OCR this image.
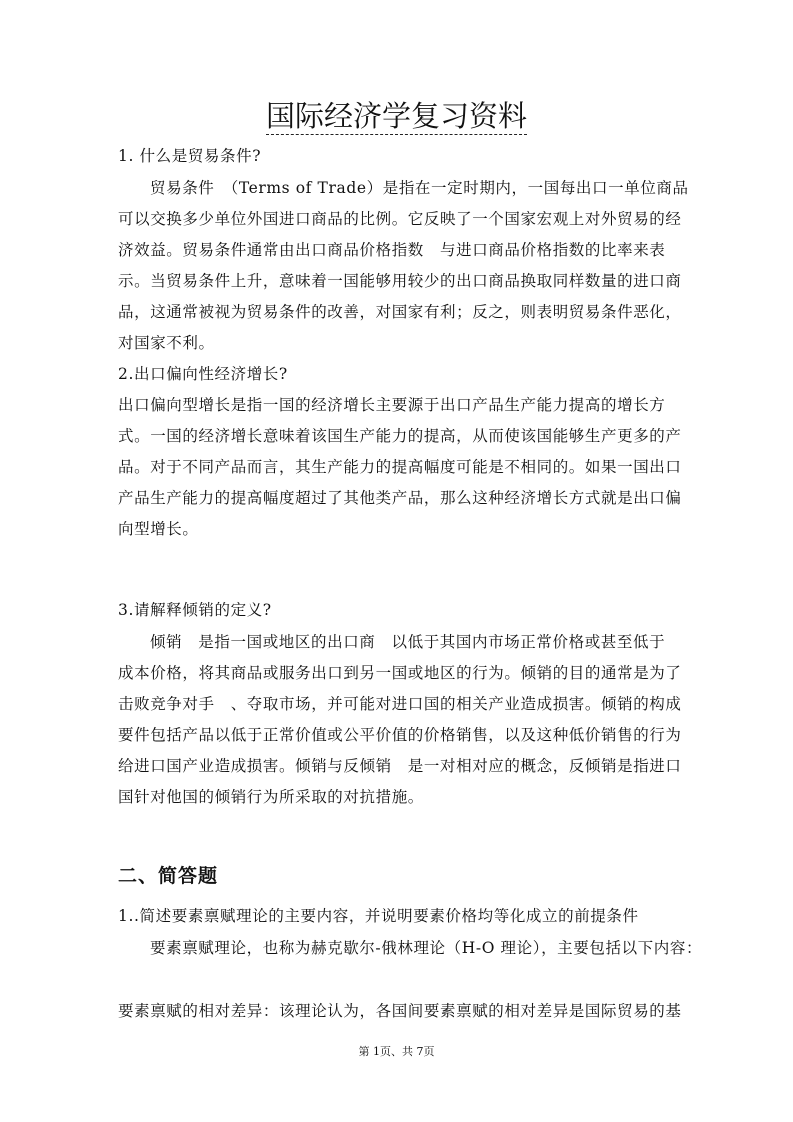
国际经济学复习资料
1. 什么是贸易条件?
贸易条件　（Terms of Trade）是指在一定时期内，一国每出口一单位商品
可以交换多少单位外国进口商品的比例。它反映了一个国家宏观上对外贸易的经
济效益。贸易条件通常由出口商品价格指数　与进口商品价格指数的比率来表
示。当贸易条件上升，意味着一国能够用较少的出口商品换取同样数量的进口商
品，这通常被视为贸易条件的改善，对国家有利；反之，则表明贸易条件恶化，
对国家不利。
2.出口偏向性经济增长?
出口偏向型增长是指一国的经济增长主要源于出口产品生产能力提高的增长方
式。一国的经济增长意味着该国生产能力的提高，从而使该国能够生产更多的产
品。对于不同产品而言，其生产能力的提高幅度可能是不相同的。如果一国出口
产品生产能力的提高幅度超过了其他类产品，那么这种经济增长方式就是出口偏
向型增长。
3.请解释倾销的定义?
倾销　是指一国或地区的出口商　以低于其国内市场正常价格或甚至低于
成本价格，将其商品或服务出口到另一国或地区的行为。倾销的目的通常是为了
击败竞争对手　、夺取市场，并可能对进口国的相关产业造成损害。倾销的构成
要件包括产品以低于正常价值或公平价值的价格销售，以及这种低价销售的行为
给进口国产业造成损害。倾销与反倾销　是一对相对应的概念，反倾销是指进口
国针对他国的倾销行为所采取的对抗措施。
二、简答题
1..简述要素禀赋理论的主要内容，并说明要素价格均等化成立的前提条件
要素禀赋理论，也称为赫克歇尔-俄林理论（H-O 理论），主要包括以下内容：
要素禀赋的相对差异：该理论认为，各国间要素禀赋的相对差异是国际贸易的基
第 1页、共 7页
